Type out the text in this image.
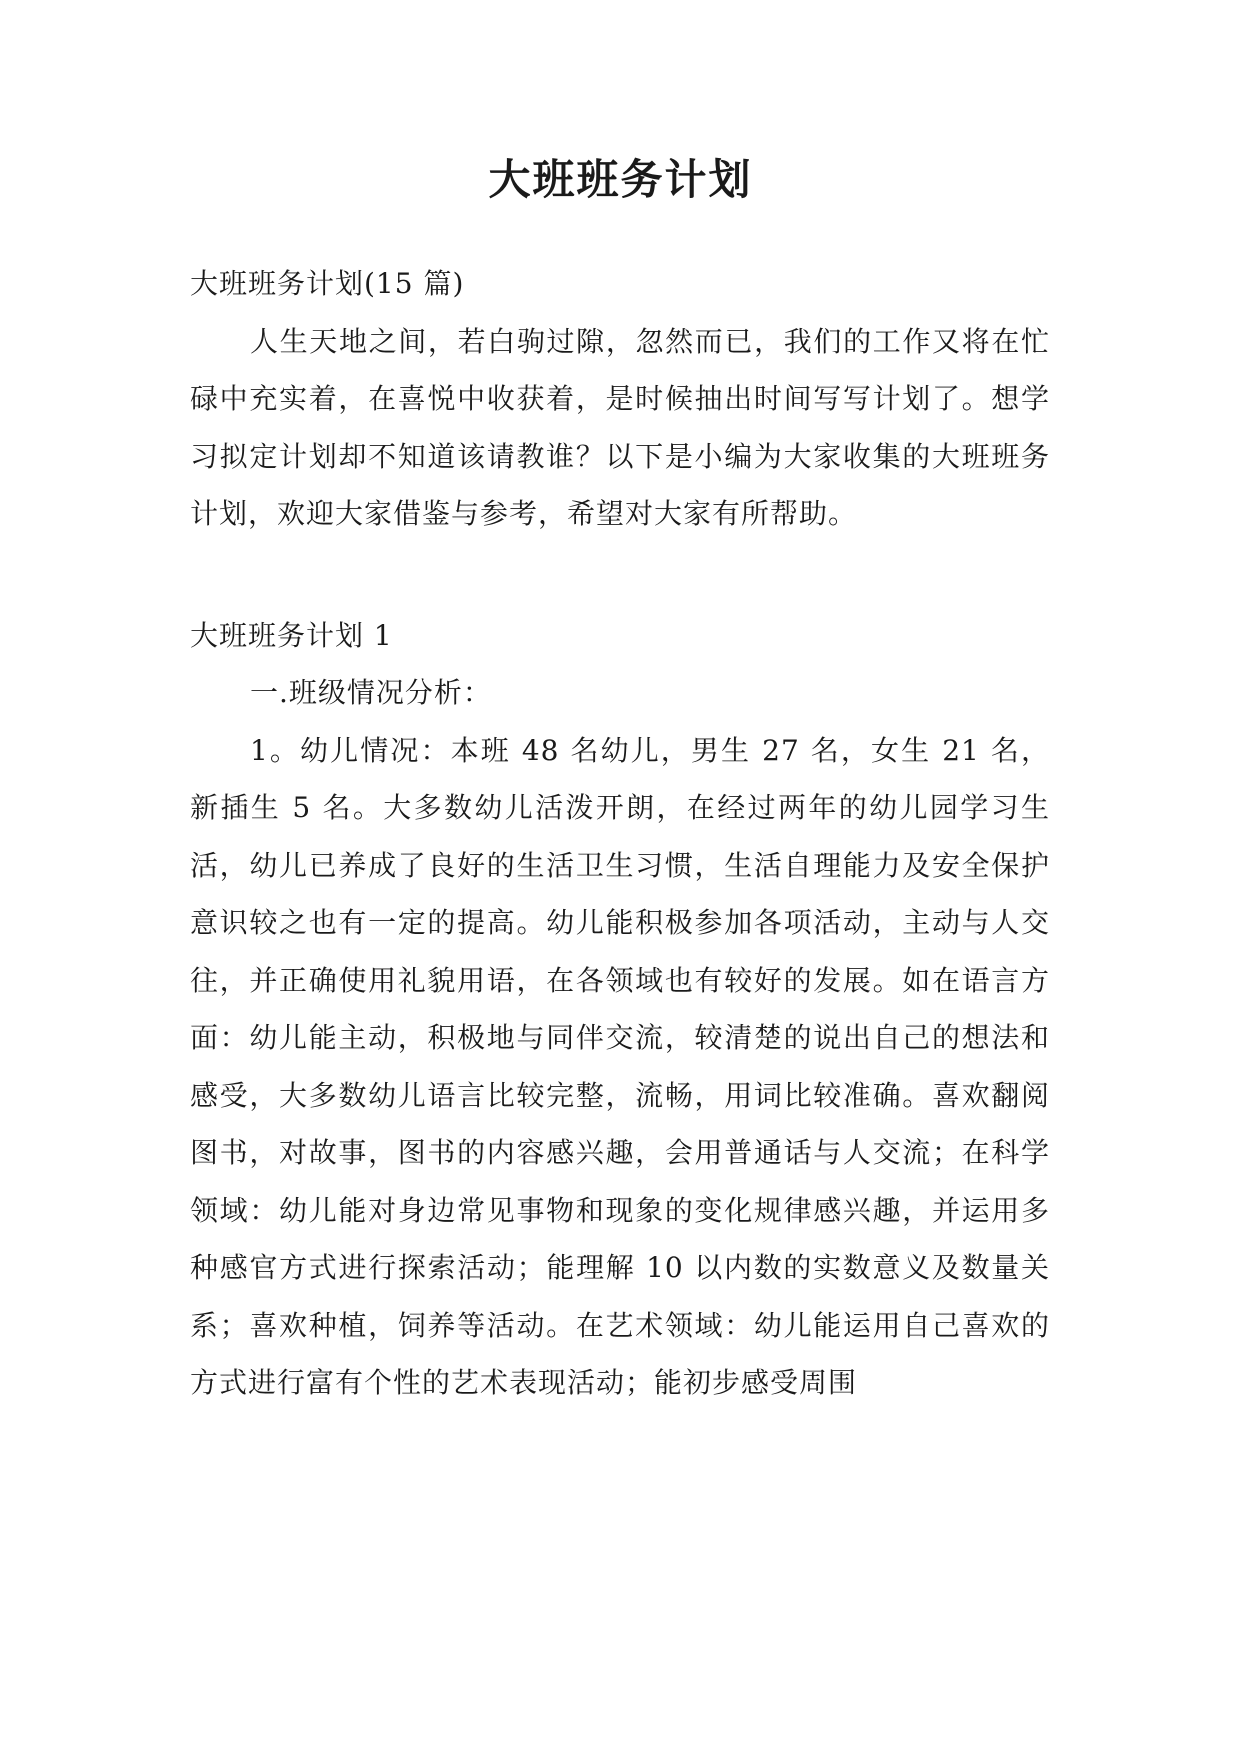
大班班务计划

大班班务计划(15 篇)

人生天地之间，若白驹过隙，忽然而已，我们的工作又将在忙碌中充实着，在喜悦中收获着，是时候抽出时间写写计划了。想学习拟定计划却不知道该请教谁？以下是小编为大家收集的大班班务计划，欢迎大家借鉴与参考，希望对大家有所帮助。

大班班务计划 1

一.班级情况分析：

1。幼儿情况：本班 48 名幼儿，男生 27 名，女生 21 名，新插生 5 名。大多数幼儿活泼开朗，在经过两年的幼儿园学习生活，幼儿已养成了良好的生活卫生习惯，生活自理能力及安全保护意识较之也有一定的提高。幼儿能积极参加各项活动，主动与人交往，并正确使用礼貌用语，在各领域也有较好的发展。如在语言方面：幼儿能主动，积极地与同伴交流，较清楚的说出自己的想法和感受，大多数幼儿语言比较完整，流畅，用词比较准确。喜欢翻阅图书，对故事，图书的内容感兴趣，会用普通话与人交流；在科学领域：幼儿能对身边常见事物和现象的变化规律感兴趣，并运用多种感官方式进行探索活动；能理解 10 以内数的实数意义及数量关系；喜欢种植，饲养等活动。在艺术领域：幼儿能运用自己喜欢的方式进行富有个性的艺术表现活动；能初步感受周围
